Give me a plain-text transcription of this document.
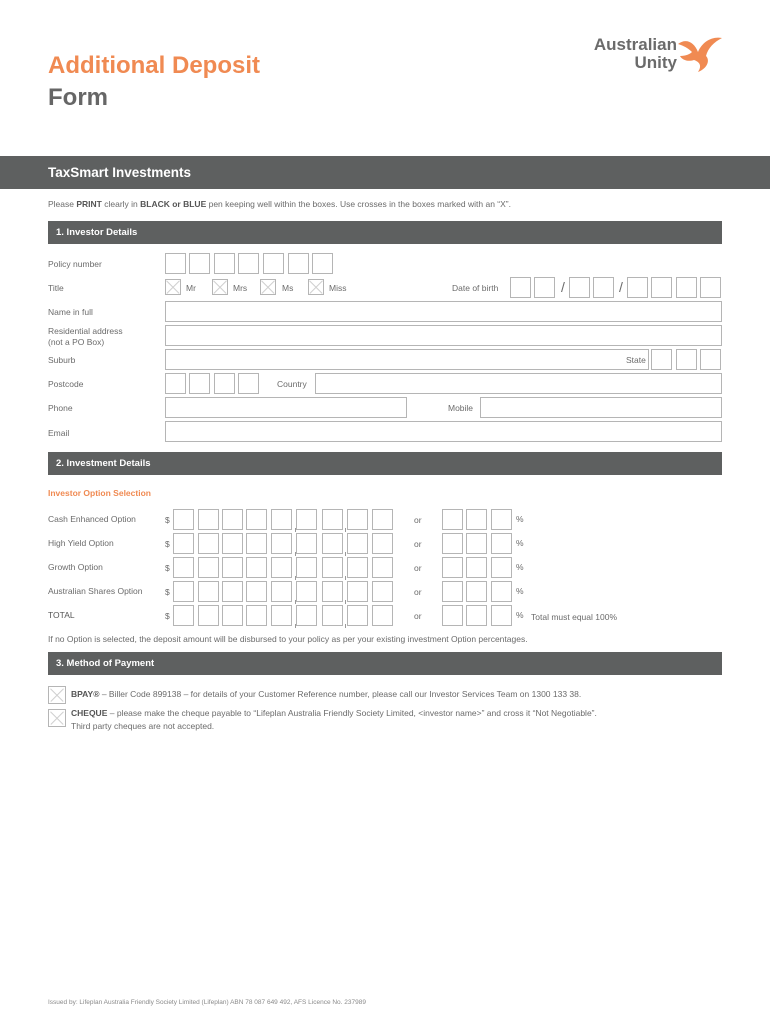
Additional Deposit
Form
Australian
Unity
TaxSmart Investments
Please PRINT clearly in BLACK or BLUE pen keeping well within the boxes. Use crosses in the boxes marked with an “X”.
1. Investor Details
Policy number
Title	Mr	Mrs	Ms	Miss	Date of birth	/	/
Name in full
Residential address
(not a PO Box)
Suburb	State
Postcode	Country
Phone	Mobile
Email
2. Investment Details
Investor Option Selection
Cash Enhanced Option	$	or	%
High Yield Option	$	or	%
Growth Option	$	or	%
Australian Shares Option	$	or	%
TOTAL	$	or	% Total must equal 100%
If no Option is selected, the deposit amount will be disbursed to your policy as per your existing investment Option percentages.
3. Method of Payment
BPAY® – Biller Code 899138 – for details of your Customer Reference number, please call our Investor Services Team on 1300 133 38.
CHEQUE – please make the cheque payable to “Lifeplan Australia Friendly Society Limited, <investor name>” and cross it “Not Negotiable”.
Third party cheques are not accepted.
Issued by: Lifeplan Australia Friendly Society Limited (Lifeplan) ABN 78 087 649 492, AFS Licence No. 237989
